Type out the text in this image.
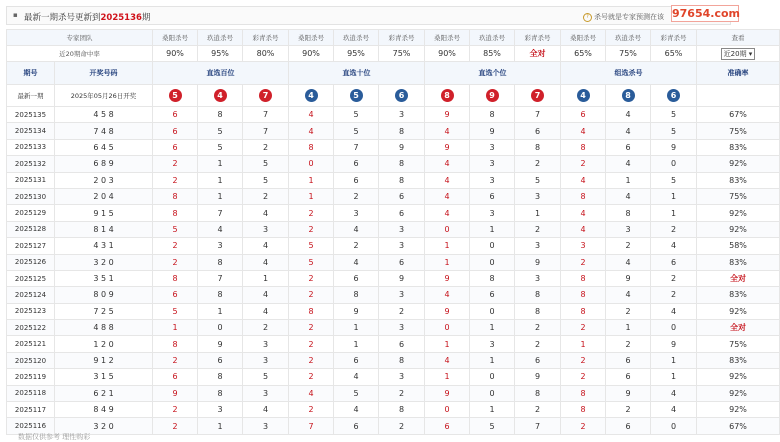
▪ 最新一期杀号更新到2025136期	? 杀号就是专家预测在该 97654.com
专家团队		桑阳杀号	玖逍杀号	彩青杀号	桑阳杀号	玖逍杀号	彩青杀号	桑阳杀号	玖逍杀号	彩青杀号	桑阳杀号	玖逍杀号	彩青杀号	查看
近20期命中率		90%	95%	80%	90%	95%	75%	90%	85%	全对	65%	75%	65%	近20期 ▾
期号	开奖号码	直选百位			直选十位			直选个位			组选杀号			准确率
最新一期	2025年05月26日开奖	5	4	7	4	5	6	8	9	7	4	8	6	
2025135	4 5 8	6	8	7	4	5	3	9	8	7	6	4	5	67%
2025134	7 4 8	6	5	7	4	5	8	4	9	6	4	4	5	75%
2025133	6 4 5	6	5	2	8	7	9	9	3	8	8	6	9	83%
2025132	6 8 9	2	1	5	0	6	8	4	3	2	2	4	0	92%
2025131	2 0 3	2	1	5	1	6	8	4	3	5	4	1	5	83%
2025130	2 0 4	8	1	2	1	2	6	4	6	3	8	4	1	75%
2025129	9 1 5	8	7	4	2	3	6	4	3	1	4	8	1	92%
2025128	8 1 4	5	4	3	2	4	3	0	1	2	4	3	2	92%
2025127	4 3 1	2	3	4	5	2	3	1	0	3	3	2	4	58%
2025126	3 2 0	2	8	4	5	4	6	1	0	9	2	4	6	83%
2025125	3 5 1	8	7	1	2	6	9	9	8	3	8	9	2	全对
2025124	8 0 9	6	8	4	2	8	3	4	6	8	8	4	2	83%
2025123	7 2 5	5	1	4	8	9	2	9	0	8	8	2	4	92%
2025122	4 8 8	1	0	2	2	1	3	0	1	2	2	1	0	全对
2025121	1 2 0	8	9	3	2	1	6	1	3	2	1	2	9	75%
2025120	9 1 2	2	6	3	2	6	8	4	1	6	2	6	1	83%
2025119	3 1 5	6	8	5	2	4	3	1	0	9	2	6	1	92%
2025118	6 2 1	9	8	3	4	5	2	9	0	8	8	9	4	92%
2025117	8 4 9	2	3	4	2	4	8	0	1	2	8	2	4	92%
2025116	3 2 0	2	1	3	7	6	2	6	5	7	2	6	0	67%
数据仅供参考 理性购彩
